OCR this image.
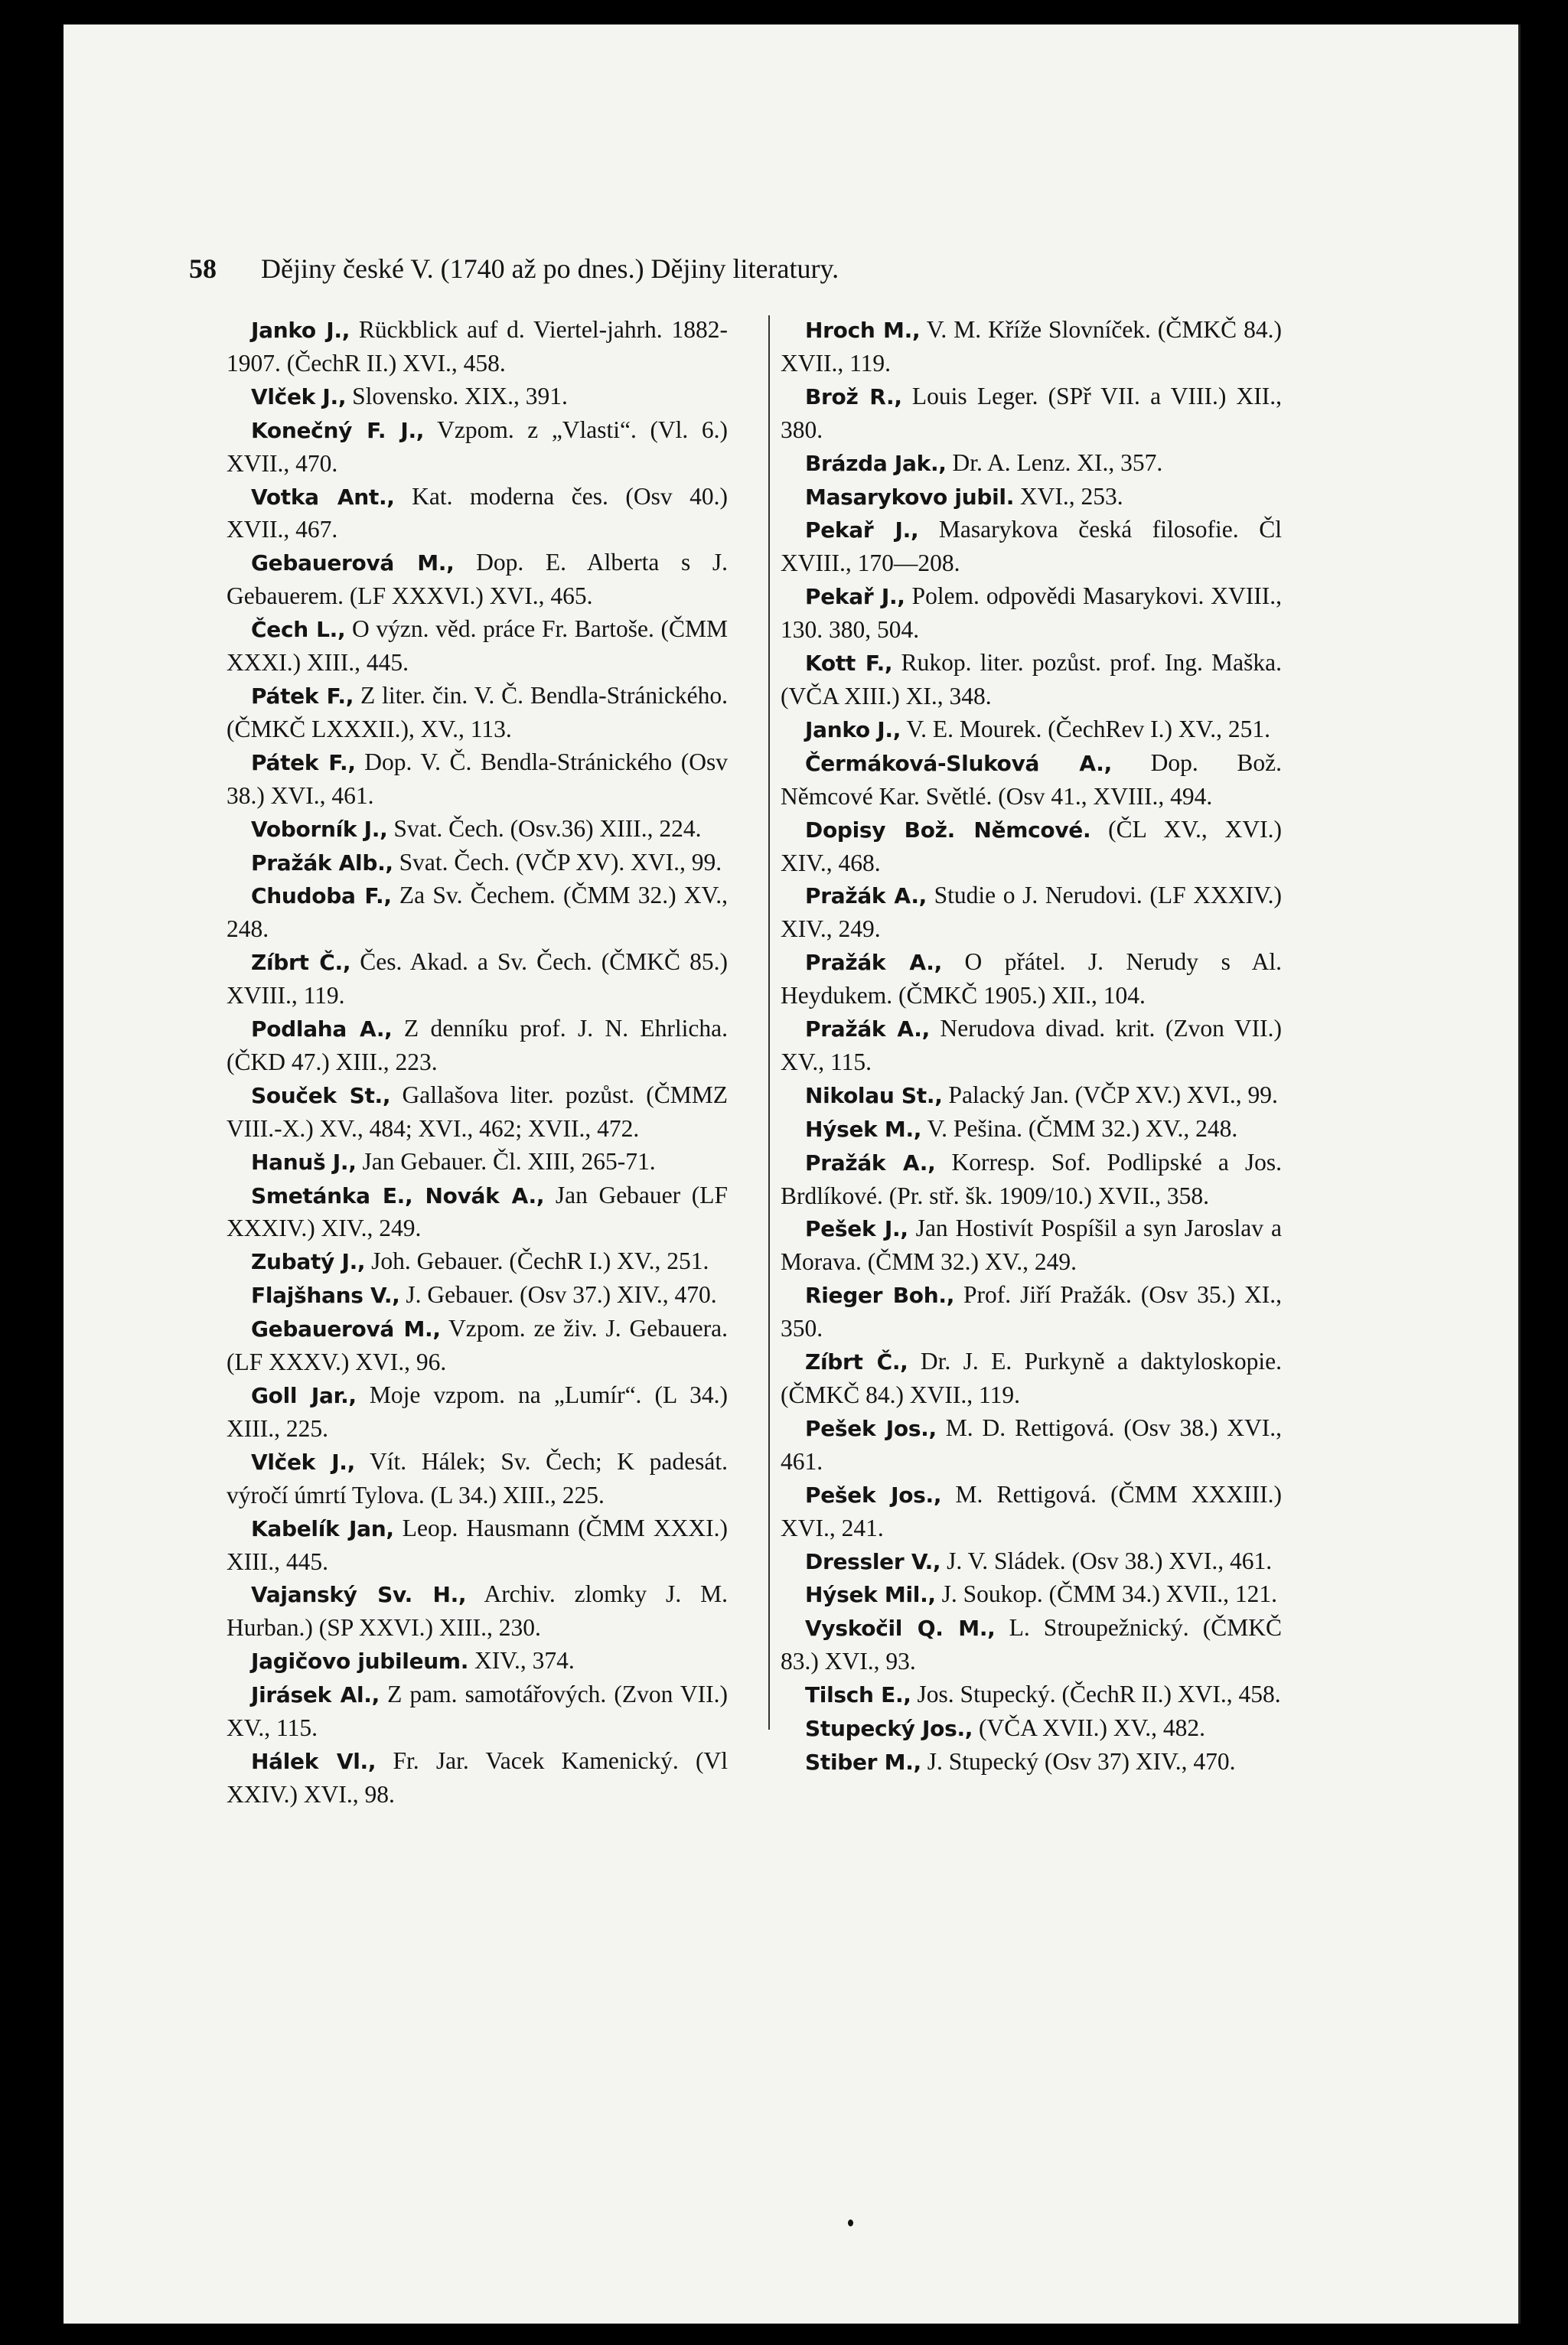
58 Dějiny české V. (1740 až po dnes.) Dějiny literatury.

Janko J., Rückblick auf d. Viertel-jahrh. 1882-1907. (ČechR II.) XVI., 458.

Vlček J., Slovensko. XIX., 391.

Konečný F. J., Vzpom. z „Vlasti“. (Vl. 6.) XVII., 470.

Votka Ant., Kat. moderna čes. (Osv 40.) XVII., 467.

Gebauerová M., Dop. E. Alberta s J. Gebauerem. (LF XXXVI.) XVI., 465.

Čech L., O význ. věd. práce Fr. Bartoše. (ČMM XXXI.) XIII., 445.

Pátek F., Z liter. čin. V. Č. Bendla-Stránického. (ČMKČ LXXXII.), XV., 113.

Pátek F., Dop. V. Č. Bendla-Stránického (Osv 38.) XVI., 461.

Voborník J., Svat. Čech. (Osv.36) XIII., 224.

Pražák Alb., Svat. Čech. (VČP XV). XVI., 99.

Chudoba F., Za Sv. Čechem. (ČMM 32.) XV., 248.

Zíbrt Č., Čes. Akad. a Sv. Čech. (ČMKČ 85.) XVIII., 119.

Podlaha A., Z denníku prof. J. N. Ehrlicha. (ČKD 47.) XIII., 223.

Souček St., Gallašova liter. pozůst. (ČMMZ VIII.-X.) XV., 484; XVI., 462; XVII., 472.

Hanuš J., Jan Gebauer. Čl. XIII, 265-71.

Smetánka E., Novák A., Jan Gebauer (LF XXXIV.) XIV., 249.

Zubatý J., Joh. Gebauer. (ČechR I.) XV., 251.

Flajšhans V., J. Gebauer. (Osv 37.) XIV., 470.

Gebauerová M., Vzpom. ze živ. J. Gebauera. (LF XXXV.) XVI., 96.

Goll Jar., Moje vzpom. na „Lumír“. (L 34.) XIII., 225.

Vlček J., Vít. Hálek; Sv. Čech; K padesát. výročí úmrtí Tylova. (L 34.) XIII., 225.

Kabelík Jan, Leop. Hausmann (ČMM XXXI.) XIII., 445.

Vajanský Sv. H., Archiv. zlomky J. M. Hurban.) (SP XXVI.) XIII., 230.

Jagičovo jubileum. XIV., 374.

Jirásek Al., Z pam. samotářových. (Zvon VII.) XV., 115.

Hálek Vl., Fr. Jar. Vacek Kamenický. (Vl XXIV.) XVI., 98.

Hroch M., V. M. Kříže Slovníček. (ČMKČ 84.) XVII., 119.

Brož R., Louis Leger. (SPř VII. a VIII.) XII., 380.

Brázda Jak., Dr. A. Lenz. XI., 357.

Masarykovo jubil. XVI., 253.

Pekař J., Masarykova česká filosofie. Čl XVIII., 170—208.

Pekař J., Polem. odpovědi Masarykovi. XVIII., 130. 380, 504.

Kott F., Rukop. liter. pozůst. prof. Ing. Maška. (VČA XIII.) XI., 348.

Janko J., V. E. Mourek. (ČechRev I.) XV., 251.

Čermáková-Sluková A., Dop. Bož. Němcové Kar. Světlé. (Osv 41., XVIII., 494.

Dopisy Bož. Němcové. (ČL XV., XVI.) XIV., 468.

Pražák A., Studie o J. Nerudovi. (LF XXXIV.) XIV., 249.

Pražák A., O přátel. J. Nerudy s Al. Heydukem. (ČMKČ 1905.) XII., 104.

Pražák A., Nerudova divad. krit. (Zvon VII.) XV., 115.

Nikolau St., Palacký Jan. (VČP XV.) XVI., 99.

Hýsek M., V. Pešina. (ČMM 32.) XV., 248.

Pražák A., Korresp. Sof. Podlipské a Jos. Brdlíkové. (Pr. stř. šk. 1909/10.) XVII., 358.

Pešek J., Jan Hostivít Pospíšil a syn Jaroslav a Morava. (ČMM 32.) XV., 249.

Rieger Boh., Prof. Jiří Pražák. (Osv 35.) XI., 350.

Zíbrt Č., Dr. J. E. Purkyně a daktyloskopie. (ČMKČ 84.) XVII., 119.

Pešek Jos., M. D. Rettigová. (Osv 38.) XVI., 461.

Pešek Jos., M. Rettigová. (ČMM XXXIII.) XVI., 241.

Dressler V., J. V. Sládek. (Osv 38.) XVI., 461.

Hýsek Mil., J. Soukop. (ČMM 34.) XVII., 121.

Vyskočil Q. M., L. Stroupežnický. (ČMKČ 83.) XVI., 93.

Tilsch E., Jos. Stupecký. (ČechR II.) XVI., 458.

Stupecký Jos., (VČA XVII.) XV., 482.

Stiber M., J. Stupecký (Osv 37) XIV., 470.
